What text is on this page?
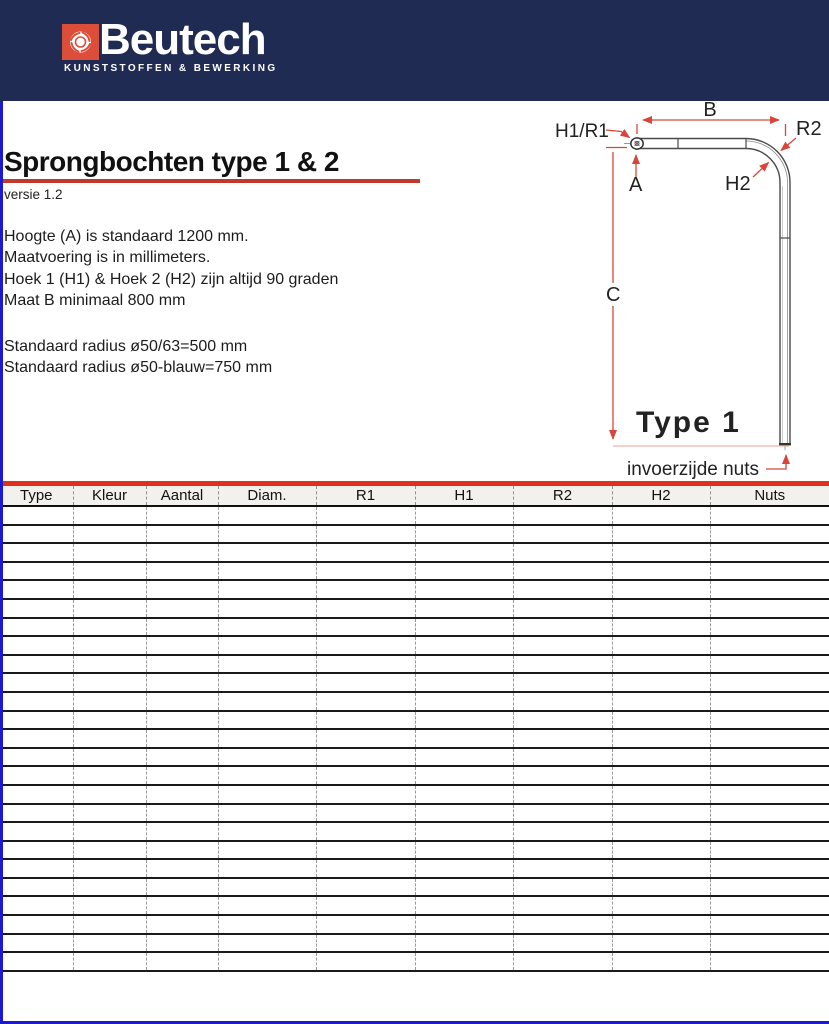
Beutech
KUNSTSTOFFEN & BEWERKING
Sprongbochten type 1 & 2
versie 1.2
Hoogte (A) is standaard 1200 mm.
Maatvoering is in millimeters.
Hoek 1 (H1) & Hoek 2 (H2) zijn altijd 90 graden
Maat B minimaal 800 mm
Standaard radius ø50/63=500 mm
Standaard radius ø50-blauw=750 mm
H1/R1
B
R2
A	H2
C
Type 1
invoerzijde nuts
Type	Kleur	Aantal	Diam.	R1	H1	R2	H2	Nuts
